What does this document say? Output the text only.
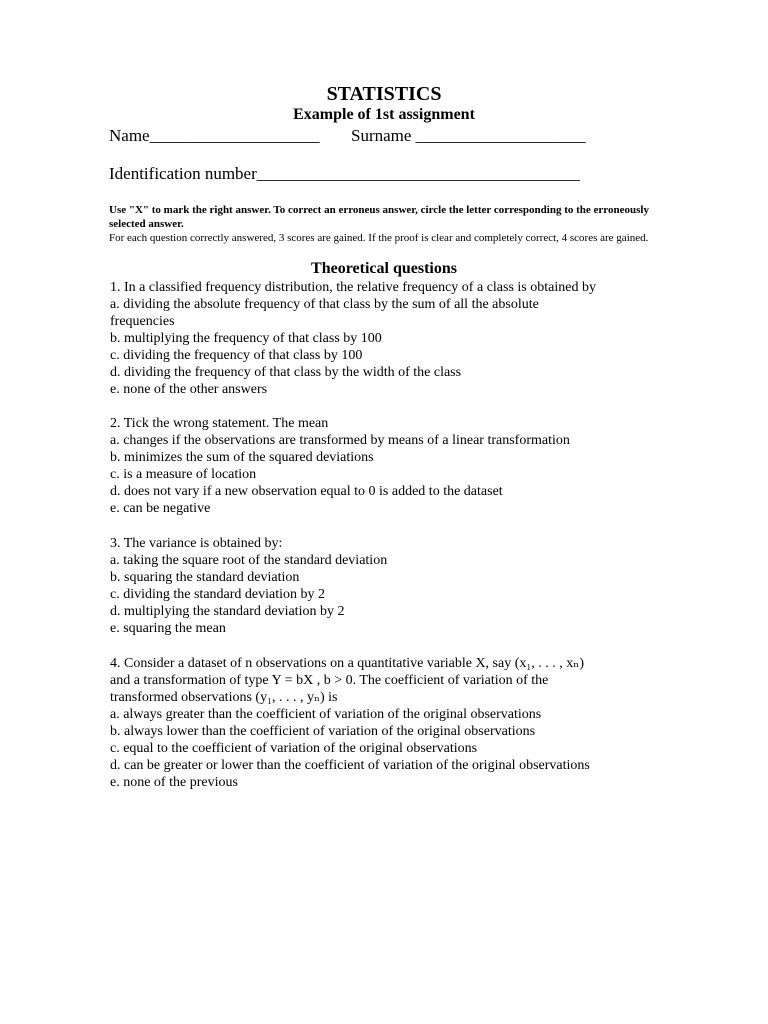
STATISTICS
Example of 1st assignment
Name____________________ Surname ____________________
Identification number______________________________________
Use "X" to mark the right answer. To correct an erroneus answer, circle the letter corresponding to the erroneously selected answer.
For each question correctly answered, 3 scores are gained. If the proof is clear and completely correct, 4 scores are gained.
Theoretical questions
1. In a classified frequency distribution, the relative frequency of a class is obtained by
a. dividing the absolute frequency of that class by the sum of all the absolute
frequencies
b. multiplying the frequency of that class by 100
c. dividing the frequency of that class by 100
d. dividing the frequency of that class by the width of the class
e. none of the other answers
2. Tick the wrong statement. The mean
a. changes if the observations are transformed by means of a linear transformation
b. minimizes the sum of the squared deviations
c. is a measure of location
d. does not vary if a new observation equal to 0 is added to the dataset
e. can be negative
3. The variance is obtained by:
a. taking the square root of the standard deviation
b. squaring the standard deviation
c. dividing the standard deviation by 2
d. multiplying the standard deviation by 2
e. squaring the mean
4. Consider a dataset of n observations on a quantitative variable X, say (x₁, . . . , xₙ)
and a transformation of type Y = bX , b > 0. The coefficient of variation of the
transformed observations (y₁, . . . , yₙ) is
a. always greater than the coefficient of variation of the original observations
b. always lower than the coefficient of variation of the original observations
c. equal to the coefficient of variation of the original observations
d. can be greater or lower than the coefficient of variation of the original observations
e. none of the previous
